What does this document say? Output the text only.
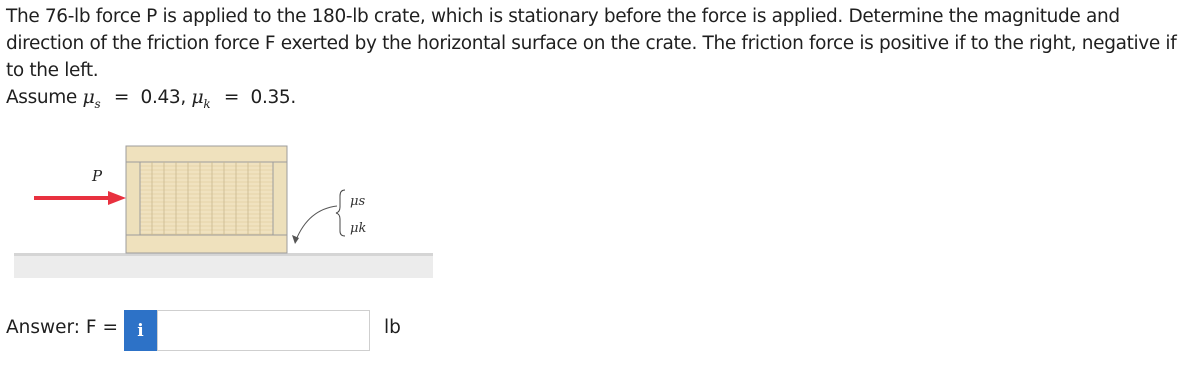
The 76-lb force P is applied to the 180-lb crate, which is stationary before the force is applied. Determine the magnitude and direction of the friction force F exerted by the horizontal surface on the crate. The friction force is positive if to the right, negative if to the left.
Assume $\mu_s = 0.43$, $\mu_k = 0.35$.
P
μs
μk
Answer: F = i	lb
